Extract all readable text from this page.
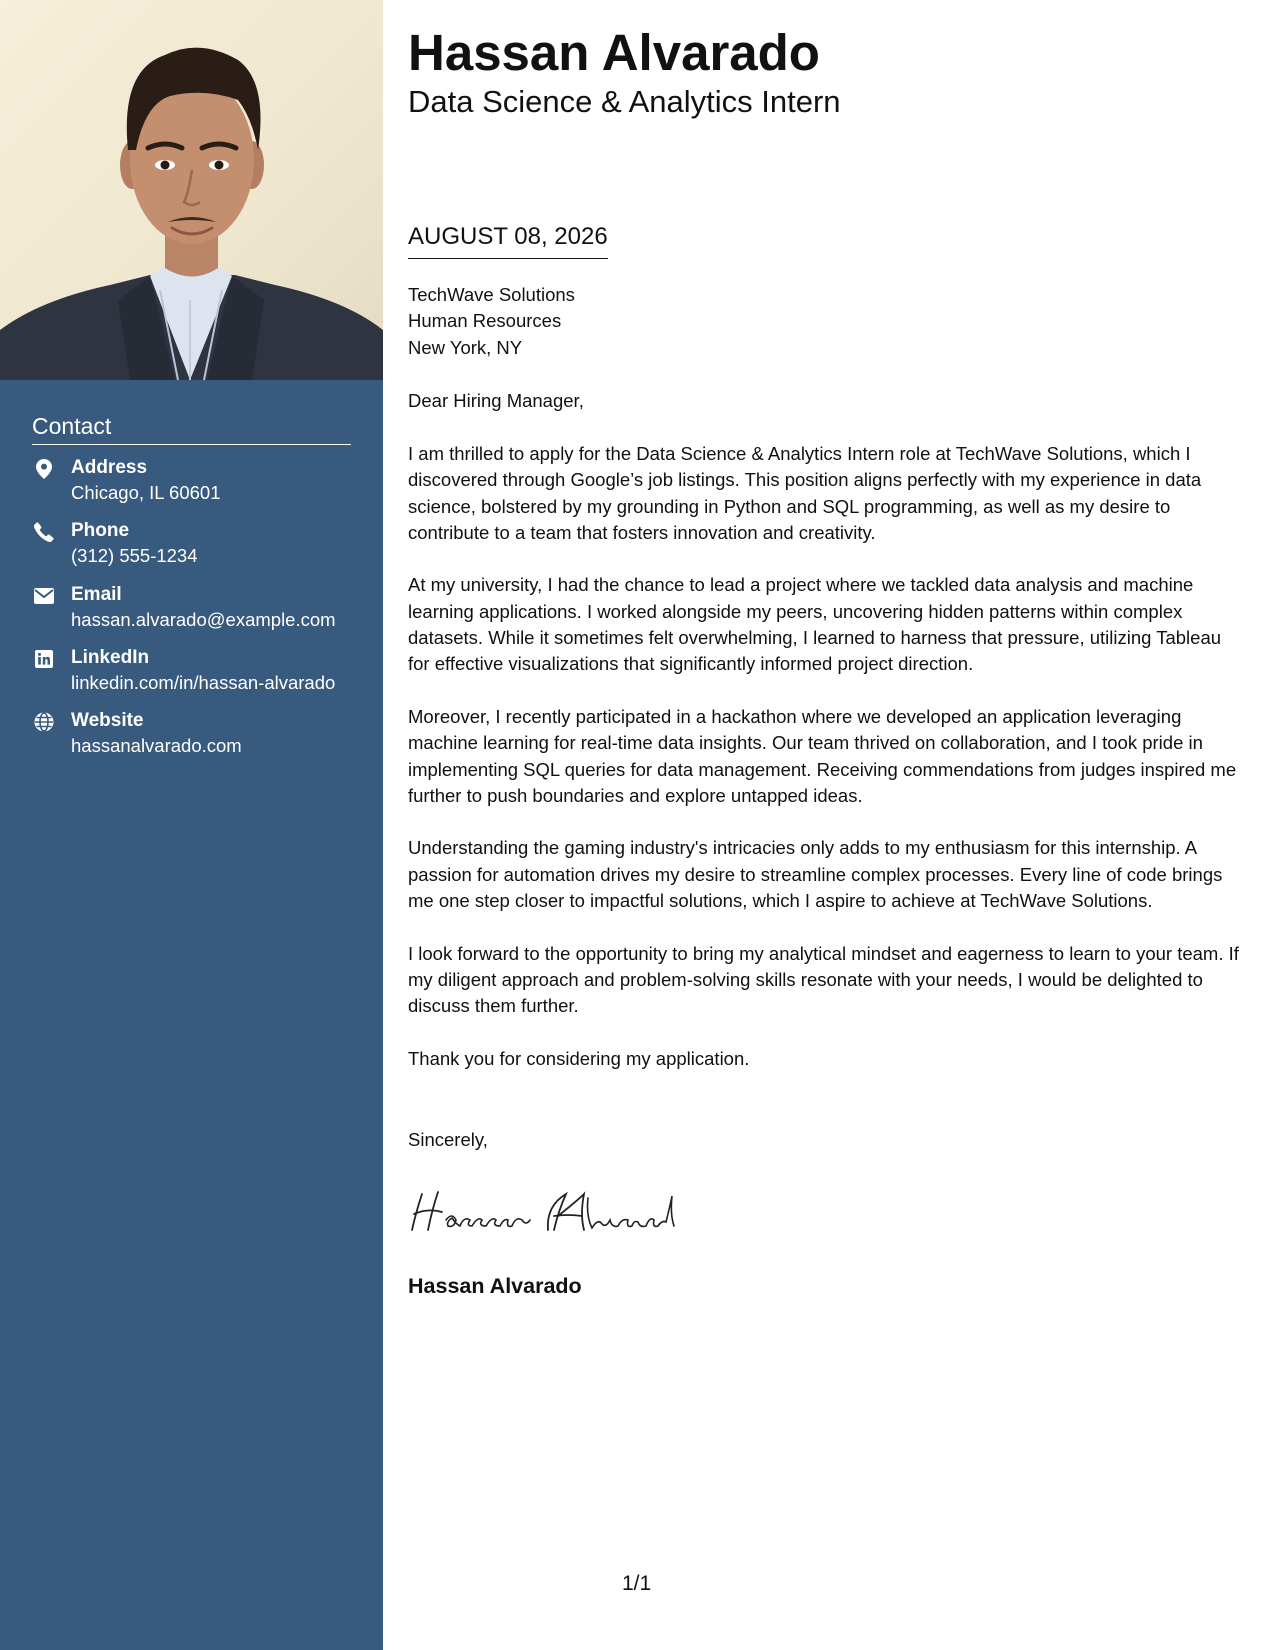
Contact
Address
Chicago, IL 60601
Phone
(312) 555-1234
Email
hassan.alvarado@example.com
LinkedIn
linkedin.com/in/hassan-alvarado
Website
hassanalvarado.com
Hassan Alvarado
Data Science & Analytics Intern
AUGUST 08, 2026
TechWave Solutions
Human Resources
New York, NY
Dear Hiring Manager,

I am thrilled to apply for the Data Science & Analytics Intern role at TechWave Solutions, which I discovered through Google’s job listings. This position aligns perfectly with my experience in data science, bolstered by my grounding in Python and SQL programming, as well as my desire to contribute to a team that fosters innovation and creativity.

At my university, I had the chance to lead a project where we tackled data analysis and machine learning applications. I worked alongside my peers, uncovering hidden patterns within complex datasets. While it sometimes felt overwhelming, I learned to harness that pressure, utilizing Tableau for effective visualizations that significantly informed project direction.

Moreover, I recently participated in a hackathon where we developed an application leveraging machine learning for real-time data insights. Our team thrived on collaboration, and I took pride in implementing SQL queries for data management. Receiving commendations from judges inspired me further to push boundaries and explore untapped ideas.

Understanding the gaming industry's intricacies only adds to my enthusiasm for this internship. A passion for automation drives my desire to streamline complex processes. Every line of code brings me one step closer to impactful solutions, which I aspire to achieve at TechWave Solutions.

I look forward to the opportunity to bring my analytical mindset and eagerness to learn to your team. If my diligent approach and problem-solving skills resonate with your needs, I would be delighted to discuss them further.

Thank you for considering my application.

Sincerely,
Hassan Alvarado
1/1
